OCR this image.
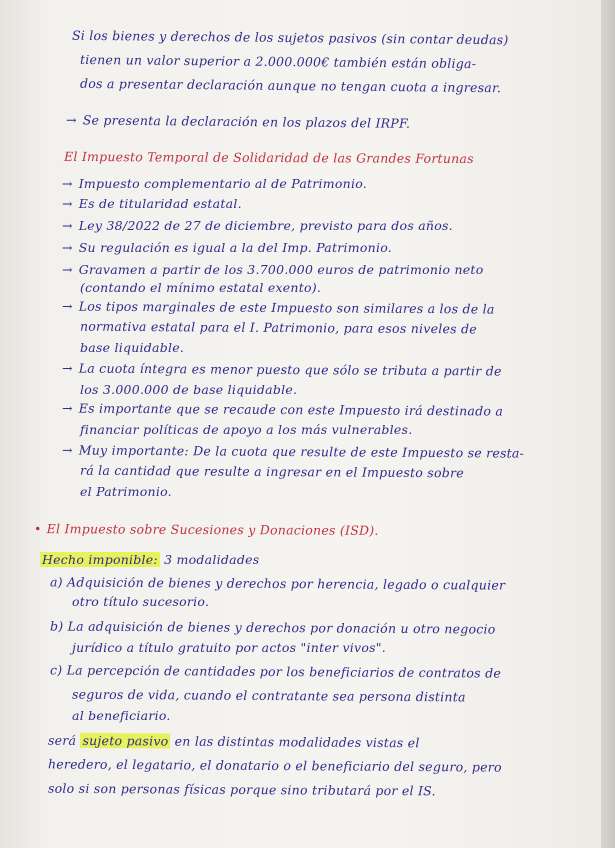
Si los bienes y derechos de los sujetos pasivos (sin contar deudas)
tienen un valor superior a 2.000.000€ también están obliga-
dos a presentar declaración aunque no tengan cuota a ingresar.
→ Se presenta la declaración en los plazos del IRPF.
El Impuesto Temporal de Solidaridad de las Grandes Fortunas
→ Impuesto complementario al de Patrimonio.
→ Es de titularidad estatal.
→ Ley 38/2022 de 27 de diciembre, previsto para dos años.
→ Su regulación es igual a la del Imp. Patrimonio.
→ Gravamen a partir de los 3.700.000 euros de patrimonio neto
(contando el mínimo estatal exento).
→ Los tipos marginales de este Impuesto son similares a los de la
normativa estatal para el I. Patrimonio, para esos niveles de
base liquidable.
→ La cuota íntegra es menor puesto que sólo se tributa a partir de
los 3.000.000 de base liquidable.
→ Es importante que se recaude con este Impuesto irá destinado a
financiar políticas de apoyo a los más vulnerables.
→ Muy importante: De la cuota que resulte de este Impuesto se resta-
rá la cantidad que resulte a ingresar en el Impuesto sobre
el Patrimonio.
• El Impuesto sobre Sucesiones y Donaciones (ISD).
Hecho imponible: 3 modalidades
a) Adquisición de bienes y derechos por herencia, legado o cualquier
otro título sucesorio.
b) La adquisición de bienes y derechos por donación u otro negocio
jurídico a título gratuito por actos "inter vivos".
c) La percepción de cantidades por los beneficiarios de contratos de
seguros de vida, cuando el contratante sea persona distinta
al beneficiario.
será sujeto pasivo en las distintas modalidades vistas el
heredero, el legatario, el donatario o el beneficiario del seguro, pero
solo si son personas físicas porque sino tributará por el IS.
